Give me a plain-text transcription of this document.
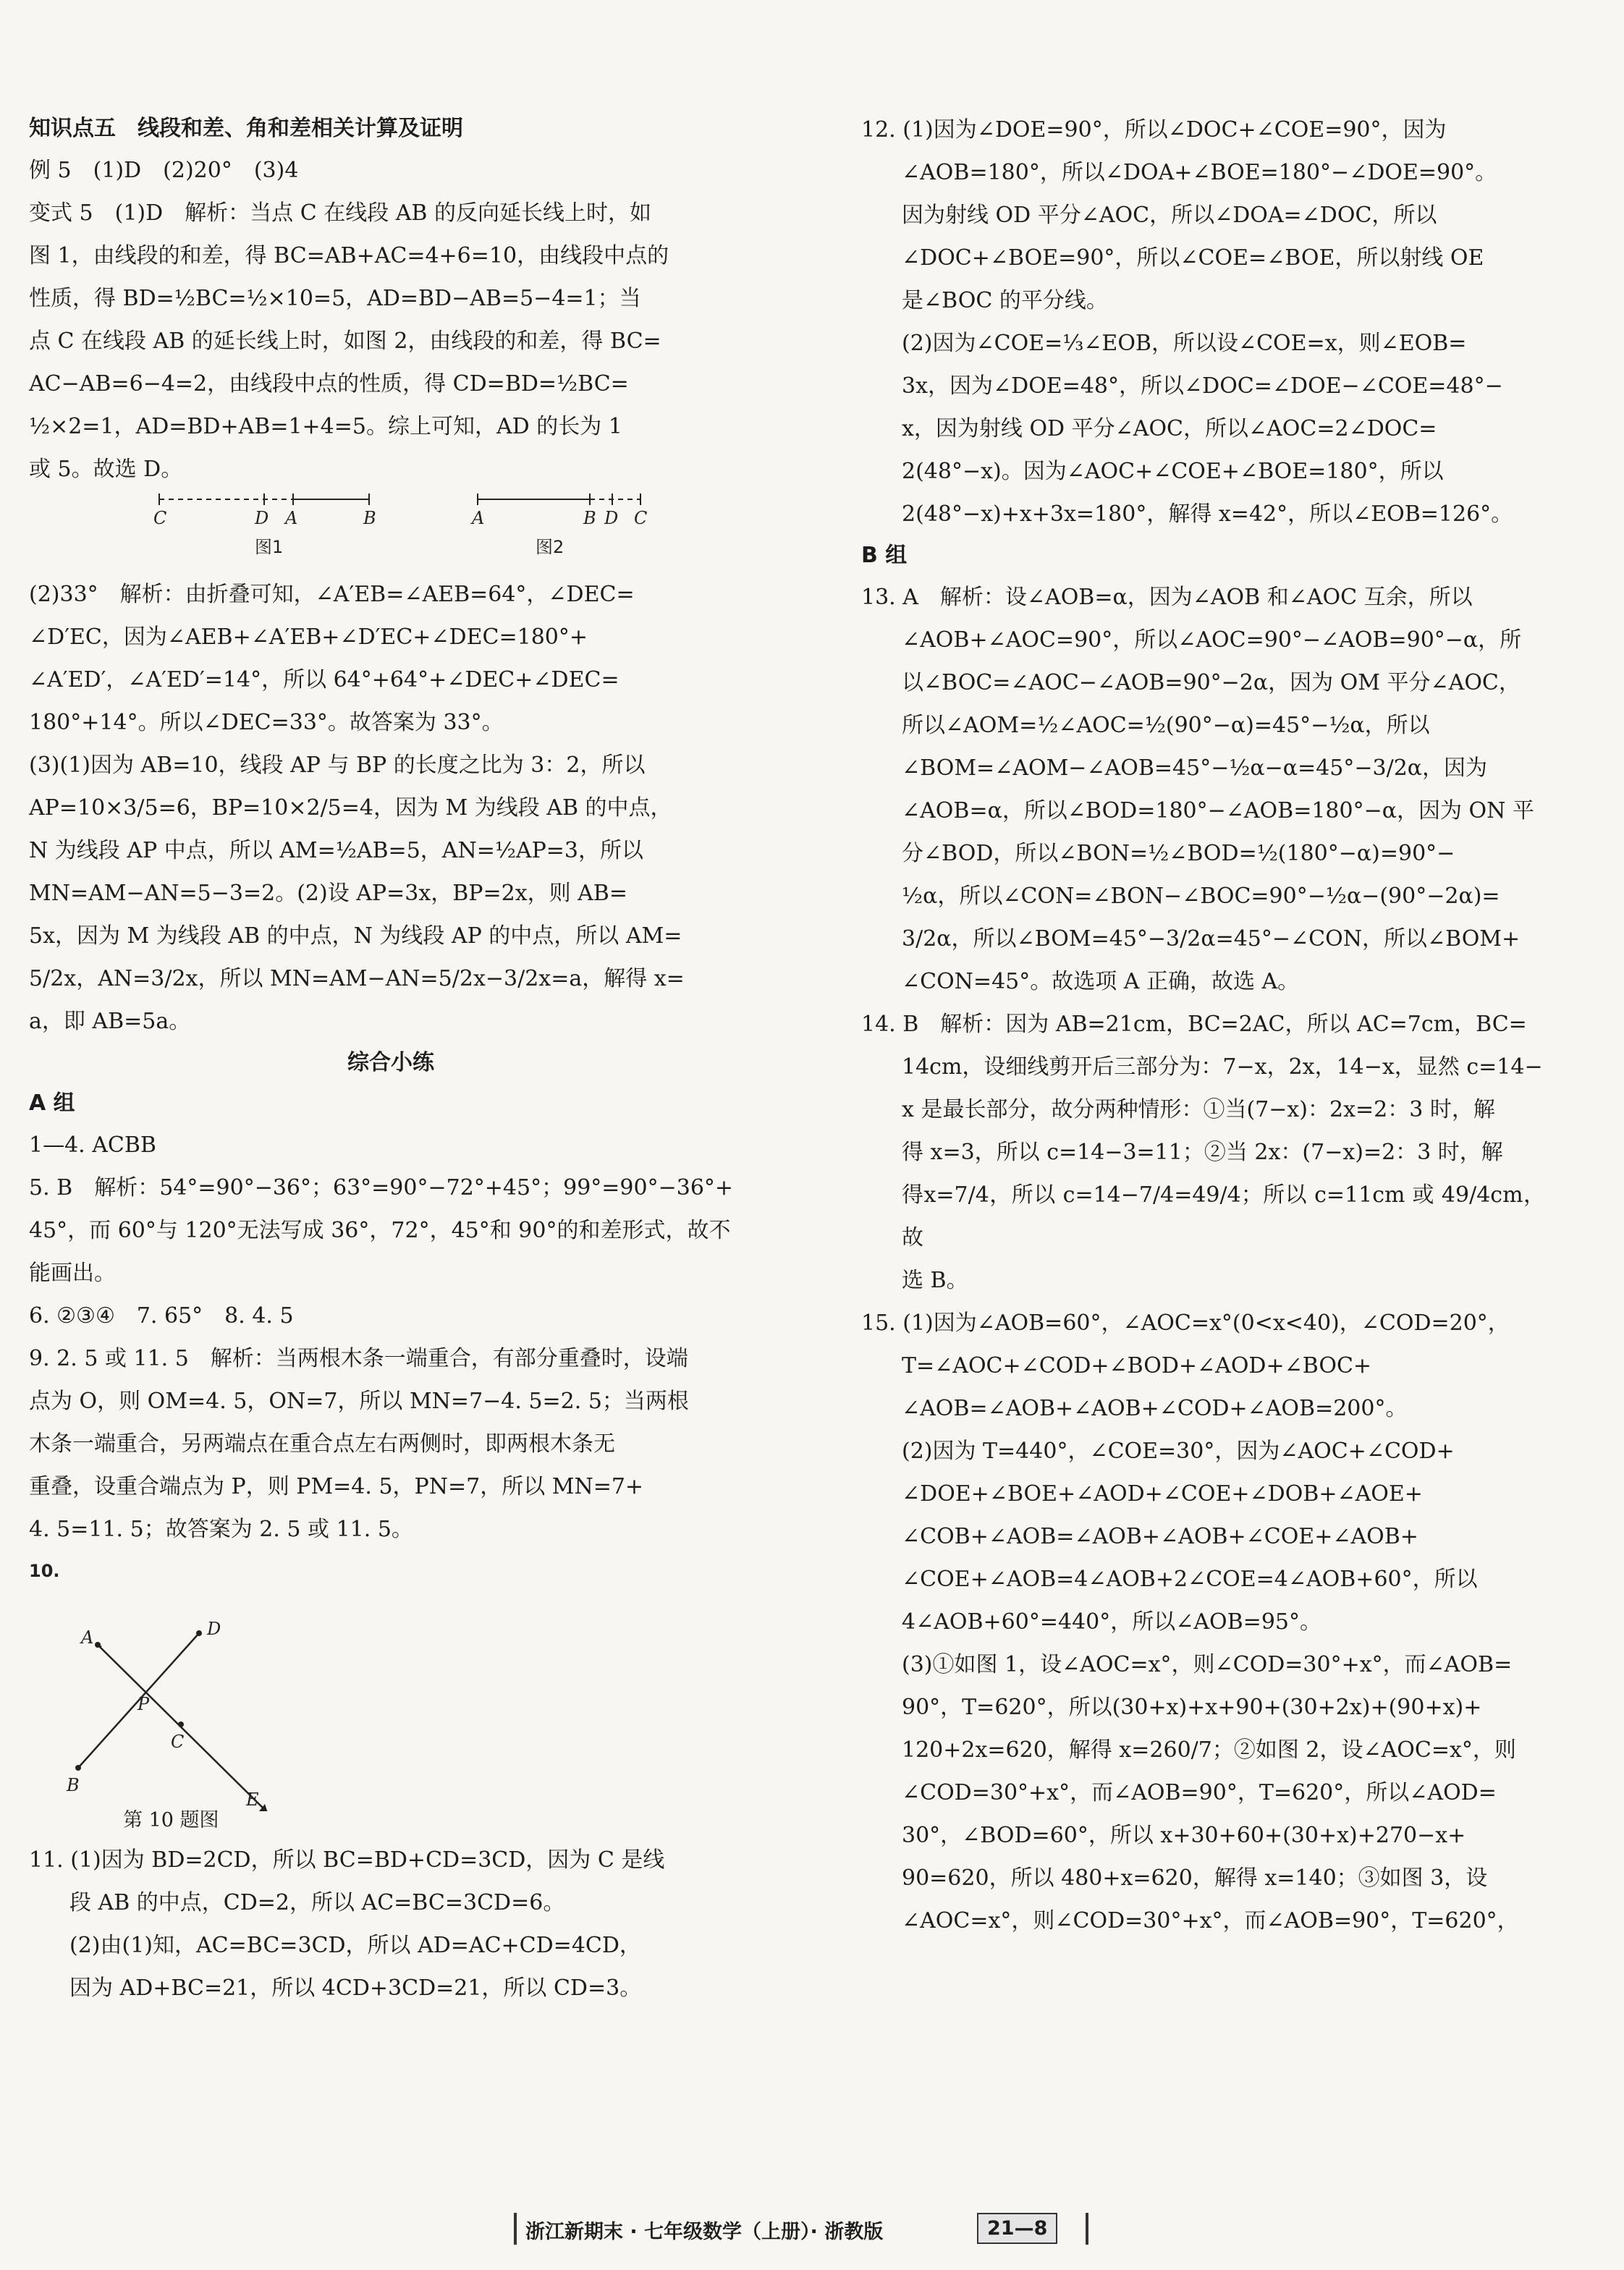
知识点五　线段和差、角和差相关计算及证明

例 5　(1)D　(2)20°　(3)4

变式 5　(1)D　解析：当点 C 在线段 AB 的反向延长线上时，如

图 1，由线段的和差，得 BC=AB+AC=4+6=10，由线段中点的

性质，得 BD=½BC=½×10=5，AD=BD−AB=5−4=1；当

点 C 在线段 AB 的延长线上时，如图 2，由线段的和差，得 BC=

AC−AB=6−4=2，由线段中点的性质，得 CD=BD=½BC=

½×2=1，AD=BD+AB=1+4=5。综上可知，AD 的长为 1

或 5。故选 D。

C	D A	B
图1
A	B D C
图2

(2)33°　解析：由折叠可知，∠A′EB=∠AEB=64°，∠DEC=

∠D′EC，因为∠AEB+∠A′EB+∠D′EC+∠DEC=180°+

∠A′ED′，∠A′ED′=14°，所以 64°+64°+∠DEC+∠DEC=

180°+14°。所以∠DEC=33°。故答案为 33°。

(3)(1)因为 AB=10，线段 AP 与 BP 的长度之比为 3：2，所以

AP=10×3/5=6，BP=10×2/5=4，因为 M 为线段 AB 的中点，

N 为线段 AP 中点，所以 AM=½AB=5，AN=½AP=3，所以

MN=AM−AN=5−3=2。(2)设 AP=3x，BP=2x，则 AB=

5x，因为 M 为线段 AB 的中点，N 为线段 AP 的中点，所以 AM=

5/2x，AN=3/2x，所以 MN=AM−AN=5/2x−3/2x=a，解得 x=

a，即 AB=5a。

综合小练

A 组

1—4. ACBB

5. B　解析：54°=90°−36°；63°=90°−72°+45°；99°=90°−36°+

45°，而 60°与 120°无法写成 36°，72°，45°和 90°的和差形式，故不

能画出。

6. ②③④　7. 65°　8. 4. 5

9. 2. 5 或 11. 5　解析：当两根木条一端重合，有部分重叠时，设端

点为 O，则 OM=4. 5，ON=7，所以 MN=7−4. 5=2. 5；当两根

木条一端重合，另两端点在重合点左右两侧时，即两根木条无

重叠，设重合端点为 P，则 PM=4. 5，PN=7，所以 MN=7+

4. 5=11. 5；故答案为 2. 5 或 11. 5。

10.
A	D
P
C
B
E

第 10 题图

11. (1)因为 BD=2CD，所以 BC=BD+CD=3CD，因为 C 是线

段 AB 的中点，CD=2，所以 AC=BC=3CD=6。

(2)由(1)知，AC=BC=3CD，所以 AD=AC+CD=4CD，

因为 AD+BC=21，所以 4CD+3CD=21，所以 CD=3。

12. (1)因为∠DOE=90°，所以∠DOC+∠COE=90°，因为

∠AOB=180°，所以∠DOA+∠BOE=180°−∠DOE=90°。

因为射线 OD 平分∠AOC，所以∠DOA=∠DOC，所以

∠DOC+∠BOE=90°，所以∠COE=∠BOE，所以射线 OE

是∠BOC 的平分线。

(2)因为∠COE=⅓∠EOB，所以设∠COE=x，则∠EOB=

3x，因为∠DOE=48°，所以∠DOC=∠DOE−∠COE=48°−

x，因为射线 OD 平分∠AOC，所以∠AOC=2∠DOC=

2(48°−x)。因为∠AOC+∠COE+∠BOE=180°，所以

2(48°−x)+x+3x=180°，解得 x=42°，所以∠EOB=126°。

B 组

13. A　解析：设∠AOB=α，因为∠AOB 和∠AOC 互余，所以

∠AOB+∠AOC=90°，所以∠AOC=90°−∠AOB=90°−α，所

以∠BOC=∠AOC−∠AOB=90°−2α，因为 OM 平分∠AOC，

所以∠AOM=½∠AOC=½(90°−α)=45°−½α，所以

∠BOM=∠AOM−∠AOB=45°−½α−α=45°−3/2α，因为

∠AOB=α，所以∠BOD=180°−∠AOB=180°−α，因为 ON 平

分∠BOD，所以∠BON=½∠BOD=½(180°−α)=90°−

½α，所以∠CON=∠BON−∠BOC=90°−½α−(90°−2α)=

3/2α，所以∠BOM=45°−3/2α=45°−∠CON，所以∠BOM+

∠CON=45°。故选项 A 正确，故选 A。

14. B　解析：因为 AB=21cm，BC=2AC，所以 AC=7cm，BC=

14cm，设细线剪开后三部分为：7−x，2x，14−x，显然 c=14−

x 是最长部分，故分两种情形：①当(7−x)：2x=2：3 时，解

得 x=3，所以 c=14−3=11；②当 2x：(7−x)=2：3 时，解

得x=7/4，所以 c=14−7/4=49/4；所以 c=11cm 或 49/4cm，故

选 B。

15. (1)因为∠AOB=60°，∠AOC=x°(0<x<40)，∠COD=20°，

T=∠AOC+∠COD+∠BOD+∠AOD+∠BOC+

∠AOB=∠AOB+∠AOB+∠COD+∠AOB=200°。

(2)因为 T=440°，∠COE=30°，因为∠AOC+∠COD+

∠DOE+∠BOE+∠AOD+∠COE+∠DOB+∠AOE+

∠COB+∠AOB=∠AOB+∠AOB+∠COE+∠AOB+

∠COE+∠AOB=4∠AOB+2∠COE=4∠AOB+60°，所以

4∠AOB+60°=440°，所以∠AOB=95°。

(3)①如图 1，设∠AOC=x°，则∠COD=30°+x°，而∠AOB=

90°，T=620°，所以(30+x)+x+90+(30+2x)+(90+x)+

120+2x=620，解得 x=260/7；②如图 2，设∠AOC=x°，则

∠COD=30°+x°，而∠AOB=90°，T=620°，所以∠AOD=

30°，∠BOD=60°，所以 x+30+60+(30+x)+270−x+

90=620，所以 480+x=620，解得 x=140；③如图 3，设

∠AOC=x°，则∠COD=30°+x°，而∠AOB=90°，T=620°，

浙江新期末 · 七年级数学（上册）· 浙教版	21—8
